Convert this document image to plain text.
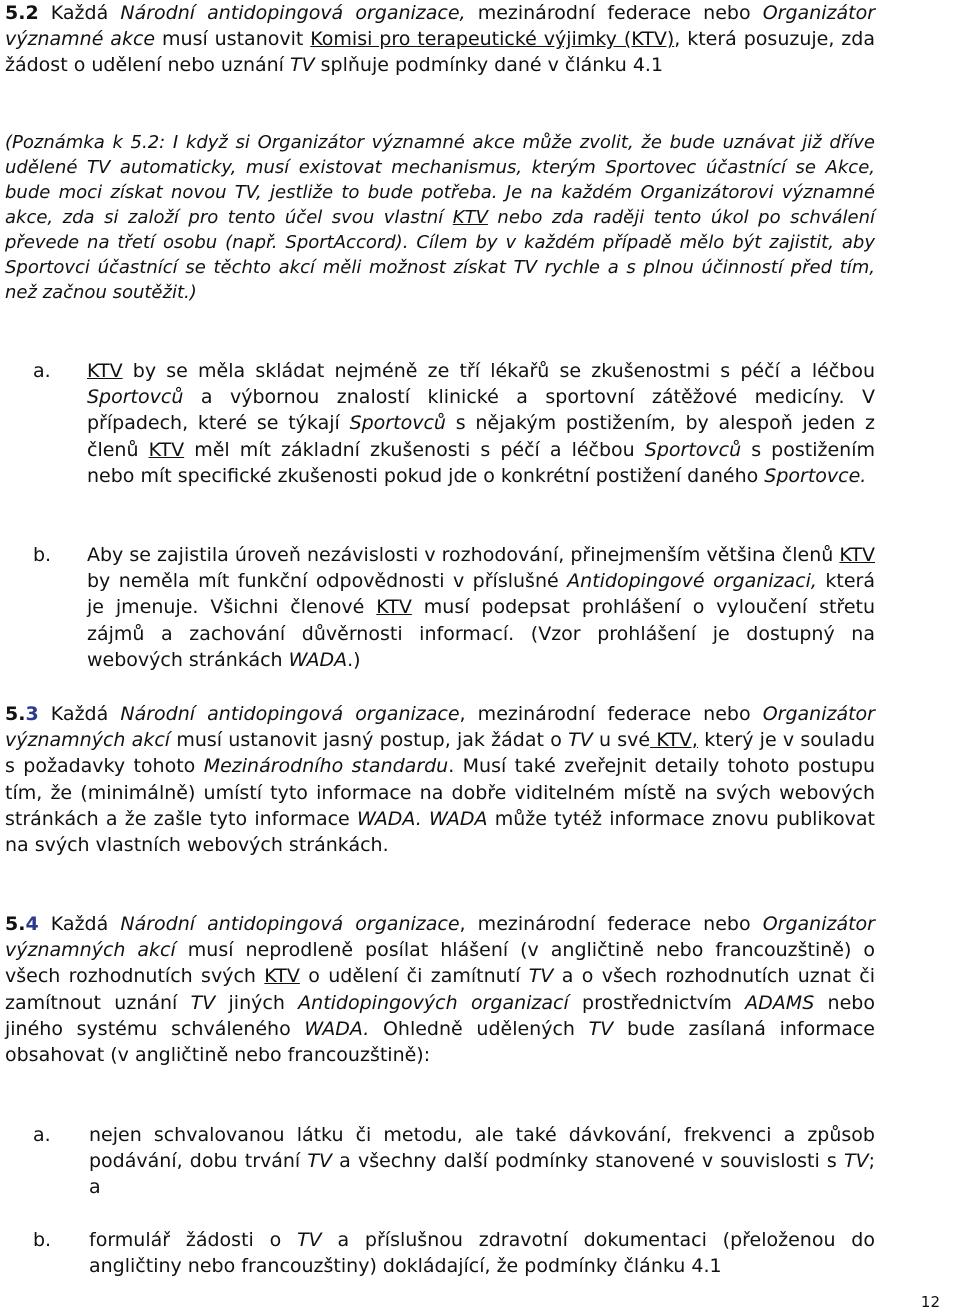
5.2 Každá Národní antidopingová organizace, mezinárodní federace nebo Organizátor významné akce musí ustanovit Komisi pro terapeutické výjimky (KTV), která posuzuje, zda žádost o udělení nebo uznání TV splňuje podmínky dané v článku 4.1

(Poznámka k 5.2: I když si Organizátor významné akce může zvolit, že bude uznávat již dříve udělené TV automaticky, musí existovat mechanismus, kterým Sportovec účastnící se Akce, bude moci získat novou TV, jestliže to bude potřeba. Je na každém Organizátorovi významné akce, zda si založí pro tento účel svou vlastní KTV nebo zda raději tento úkol po schválení převede na třetí osobu (např. SportAccord). Cílem by v každém případě mělo být zajistit, aby Sportovci účastnící se těchto akcí měli možnost získat TV rychle a s plnou účinností před tím, než začnou soutěžit.)

a. KTV by se měla skládat nejméně ze tří lékařů se zkušenostmi s péčí a léčbou Sportovců a výbornou znalostí klinické a sportovní zátěžové medicíny. V případech, které se týkají Sportovců s nějakým postižením, by alespoň jeden z členů KTV měl mít základní zkušenosti s péčí a léčbou Sportovců s postižením nebo mít specifické zkušenosti pokud jde o konkrétní postižení daného Sportovce.

b. Aby se zajistila úroveň nezávislosti v rozhodování, přinejmenším většina členů KTV by neměla mít funkční odpovědnosti v příslušné Antidopingové organizaci, která je jmenuje. Všichni členové KTV musí podepsat prohlášení o vyloučení střetu zájmů a zachování důvěrnosti informací. (Vzor prohlášení je dostupný na webových stránkách WADA.)

5.3 Každá Národní antidopingová organizace, mezinárodní federace nebo Organizátor významných akcí musí ustanovit jasný postup, jak žádat o TV u své KTV, který je v souladu s požadavky tohoto Mezinárodního standardu. Musí také zveřejnit detaily tohoto postupu tím, že (minimálně) umístí tyto informace na dobře viditelném místě na svých webových stránkách a že zašle tyto informace WADA. WADA může tytéž informace znovu publikovat na svých vlastních webových stránkách.

5.4 Každá Národní antidopingová organizace, mezinárodní federace nebo Organizátor významných akcí musí neprodleně posílat hlášení (v angličtině nebo francouzštině) o všech rozhodnutích svých KTV o udělení či zamítnutí TV a o všech rozhodnutích uznat či zamítnout uznání TV jiných Antidopingových organizací prostřednictvím ADAMS nebo jiného systému schváleného WADA. Ohledně udělených TV bude zasílaná informace obsahovat (v angličtině nebo francouzštině):

a. nejen schvalovanou látku či metodu, ale také dávkování, frekvenci a způsob podávání, dobu trvání TV a všechny další podmínky stanovené v souvislosti s TV; a

b. formulář žádosti o TV a příslušnou zdravotní dokumentaci (přeloženou do angličtiny nebo francouzštiny) dokládající, že podmínky článku 4.1

12
